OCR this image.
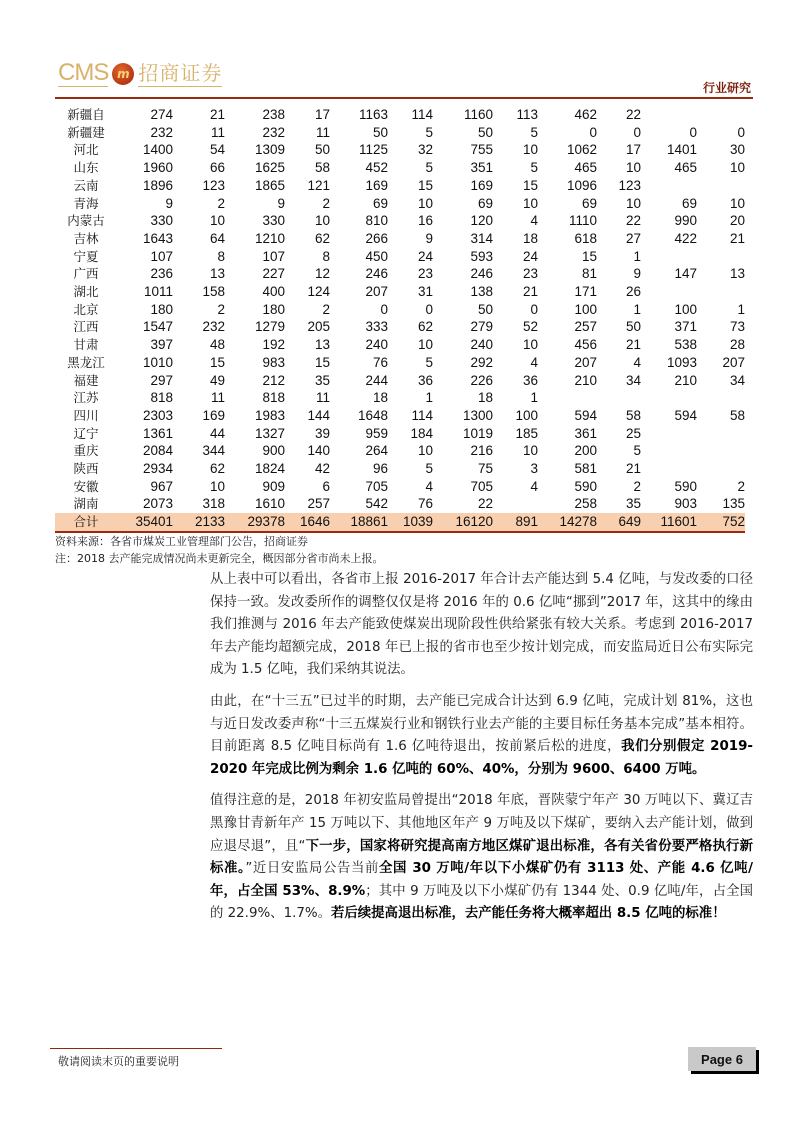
CMS m 招商证券
行业研究
新疆自	274	21	238	17	1163	114	1160	113	462	22		
新疆建	232	11	232	11	50	5	50	5	0	0	0	0
河北	1400	54	1309	50	1125	32	755	10	1062	17	1401	30
山东	1960	66	1625	58	452	5	351	5	465	10	465	10
云南	1896	123	1865	121	169	15	169	15	1096	123		
青海	9	2	9	2	69	10	69	10	69	10	69	10
内蒙古	330	10	330	10	810	16	120	4	1110	22	990	20
吉林	1643	64	1210	62	266	9	314	18	618	27	422	21
宁夏	107	8	107	8	450	24	593	24	15	1		
广西	236	13	227	12	246	23	246	23	81	9	147	13
湖北	1011	158	400	124	207	31	138	21	171	26		
北京	180	2	180	2	0	0	50	0	100	1	100	1
江西	1547	232	1279	205	333	62	279	52	257	50	371	73
甘肃	397	48	192	13	240	10	240	10	456	21	538	28
黑龙江	1010	15	983	15	76	5	292	4	207	4	1093	207
福建	297	49	212	35	244	36	226	36	210	34	210	34
江苏	818	11	818	11	18	1	18	1				
四川	2303	169	1983	144	1648	114	1300	100	594	58	594	58
辽宁	1361	44	1327	39	959	184	1019	185	361	25		
重庆	2084	344	900	140	264	10	216	10	200	5		
陕西	2934	62	1824	42	96	5	75	3	581	21		
安徽	967	10	909	6	705	4	705	4	590	2	590	2
湖南	2073	318	1610	257	542	76	22		258	35	903	135
合计	35401	2133	29378	1646	18861	1039	16120	891	14278	649	11601	752
资料来源：各省市煤炭工业管理部门公告，招商证券
注：2018 去产能完成情况尚未更新完全，概因部分省市尚未上报。

从上表中可以看出，各省市上报 2016-2017 年合计去产能达到 5.4 亿吨，与发改委的口径保持一致。发改委所作的调整仅仅是将 2016 年的 0.6 亿吨“挪到”2017 年，这其中的缘由我们推测与 2016 年去产能致使煤炭出现阶段性供给紧张有较大关系。考虑到 2016-2017 年去产能均超额完成，2018 年已上报的省市也至少按计划完成，而安监局近日公布实际完成为 1.5 亿吨，我们采纳其说法。

由此，在“十三五”已过半的时期，去产能已完成合计达到 6.9 亿吨，完成计划 81%，这也与近日发改委声称“十三五煤炭行业和钢铁行业去产能的主要目标任务基本完成”基本相符。目前距离 8.5 亿吨目标尚有 1.6 亿吨待退出，按前紧后松的进度，我们分别假定 2019-2020 年完成比例为剩余 1.6 亿吨的 60%、40%，分别为 9600、6400 万吨。

值得注意的是，2018 年初安监局曾提出“2018 年底，晋陕蒙宁年产 30 万吨以下、冀辽吉黑豫甘青新年产 15 万吨以下、其他地区年产 9 万吨及以下煤矿，要纳入去产能计划，做到应退尽退”，且“下一步，国家将研究提高南方地区煤矿退出标准，各有关省份要严格执行新标准。”近日安监局公告当前全国 30 万吨/年以下小煤矿仍有 3113 处、产能 4.6 亿吨/年，占全国 53%、8.9%；其中 9 万吨及以下小煤矿仍有 1344 处、0.9 亿吨/年，占全国的 22.9%、1.7%。若后续提高退出标准，去产能任务将大概率超出 8.5 亿吨的标准！

敬请阅读末页的重要说明	Page 6
